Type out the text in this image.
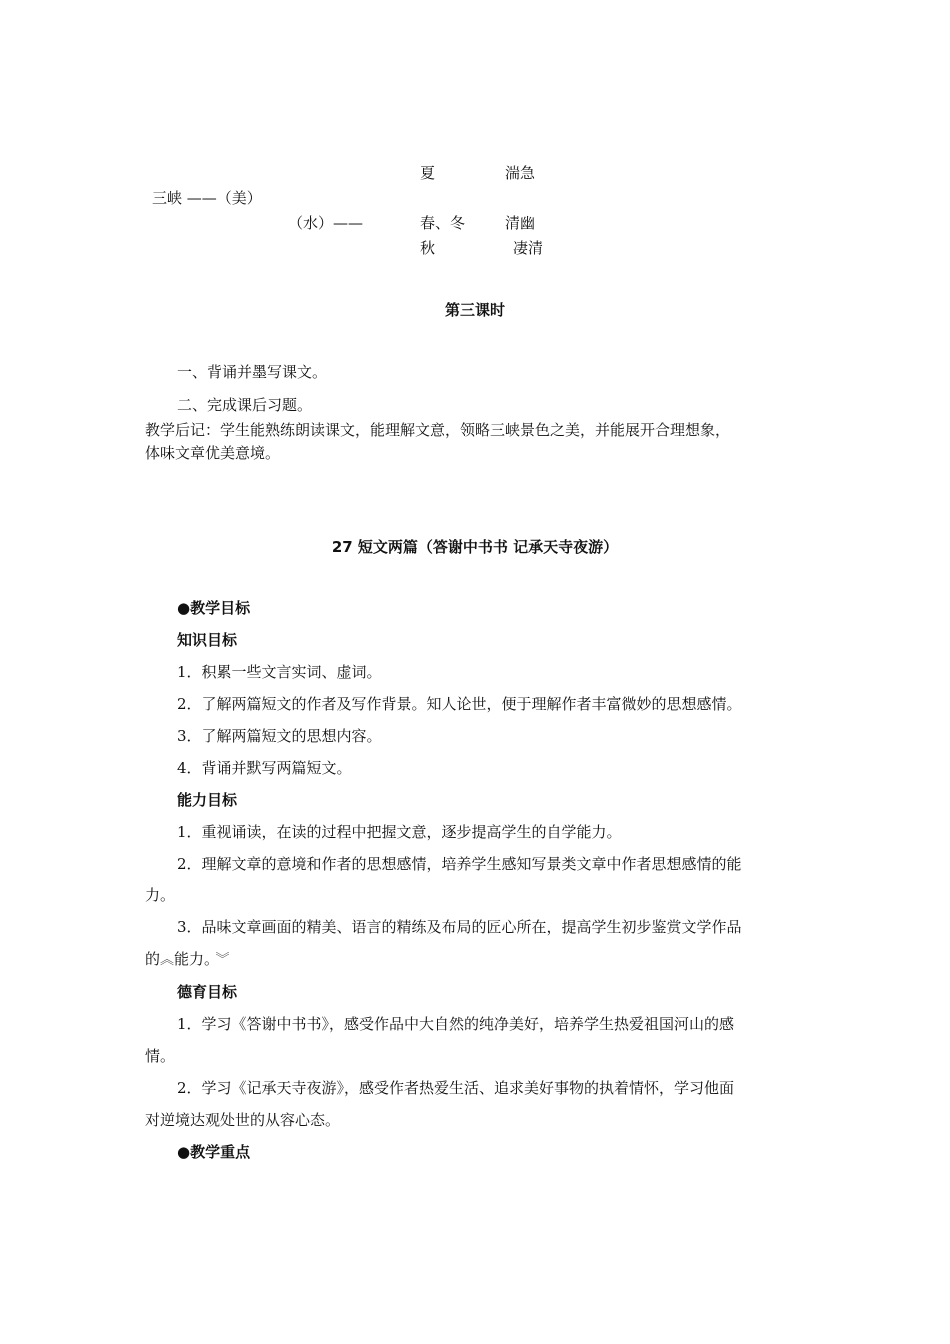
夏	湍急
三峡 ——（美）
（水）——	春、冬	清幽
秋	凄清
第三课时
一、背诵并墨写课文。
二、完成课后习题。
教学后记：学生能熟练朗读课文，能理解文意，领略三峡景色之美，并能展开合理想象，
体味文章优美意境。
27 短文两篇（答谢中书书 记承天寺夜游）
●教学目标
知识目标
1．积累一些文言实词、虚词。
2．了解两篇短文的作者及写作背景。知人论世，便于理解作者丰富微妙的思想感情。
3．了解两篇短文的思想内容。
4．背诵并默写两篇短文。
能力目标
1．重视诵读，在读的过程中把握文意，逐步提高学生的自学能力。
2．理解文章的意境和作者的思想感情，培养学生感知写景类文章中作者思想感情的能
力。
3．品味文章画面的精美、语言的精练及布局的匠心所在，提高学生初步鉴赏文学作品
的︽能力。 ︾
德育目标
1．学习《答谢中书书》，感受作品中大自然的纯净美好，培养学生热爱祖国河山的感
情。
2．学习《记承天寺夜游》，感受作者热爱生活、追求美好事物的执着情怀，学习他面
对逆境达观处世的从容心态。
●教学重点
